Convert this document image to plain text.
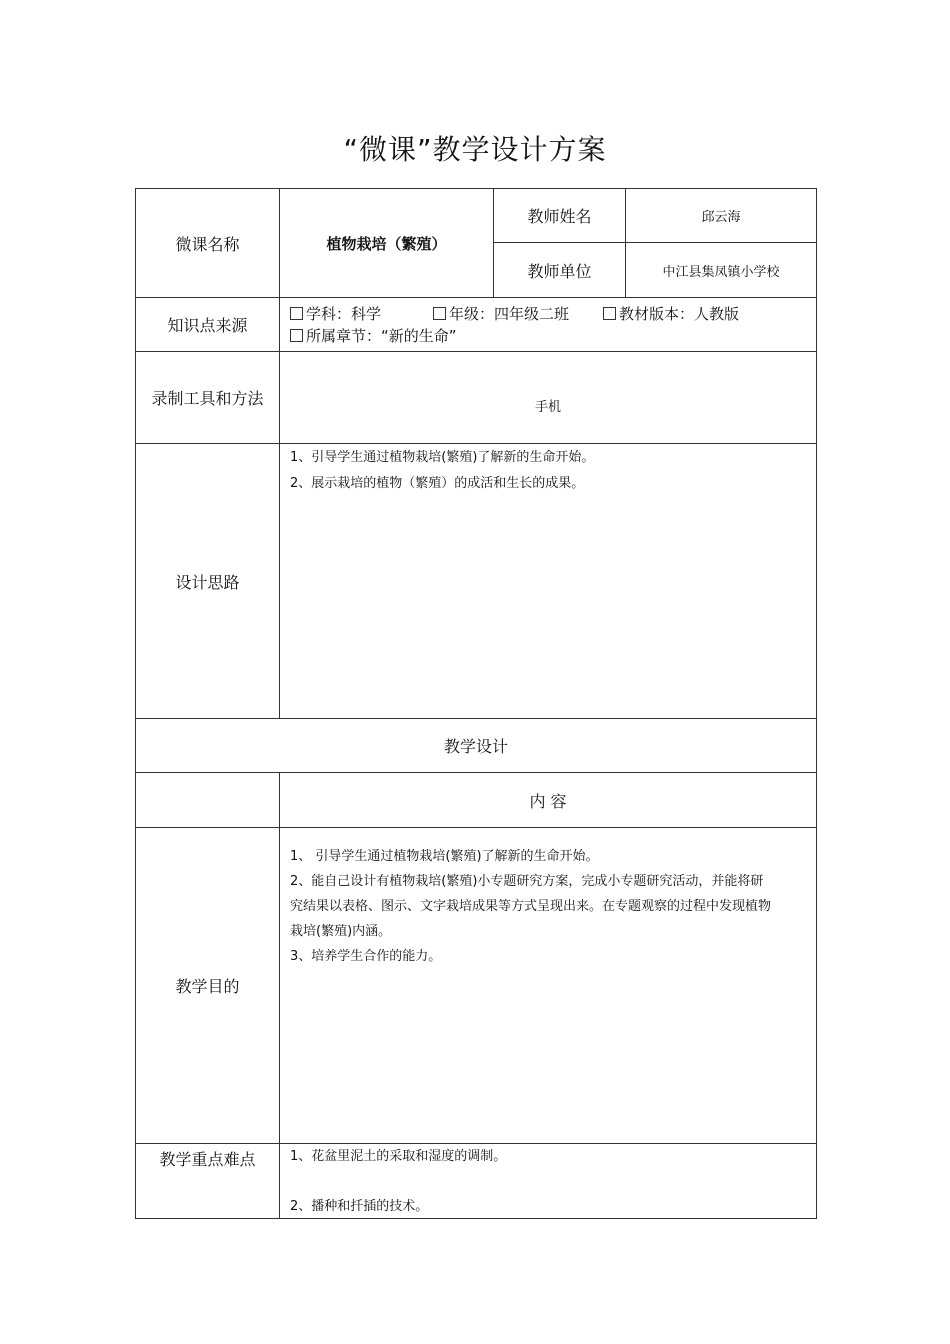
“微课”教学设计方案
微课名称	植物栽培（繁殖）	教师姓名	邱云海
		教师单位	中江县集凤镇小学校
知识点来源	学科：科学 年级：四年级二班 教材版本：人教版
所属章节：“新的生命”		

录制工具和方法	手机		
设计思路	1、引导学生通过植物栽培(繁殖)了解新的生命开始。
2、展示栽培的植物（繁殖）的成活和生长的成果。		

教学设计			
	内 容		
教学目的	1、 引导学生通过植物栽培(繁殖)了解新的生命开始。
2、能自己设计有植物栽培(繁殖)小专题研究方案，完成小专题研究活动，并能将研
究结果以表格、图示、文字栽培成果等方式呈现出来。在专题观察的过程中发现植物
栽培(繁殖)内涵。
3、培养学生合作的能力。		

教学重点难点	1、花盆里泥土的采取和湿度的调制。
2、播种和扦插的技术。		
